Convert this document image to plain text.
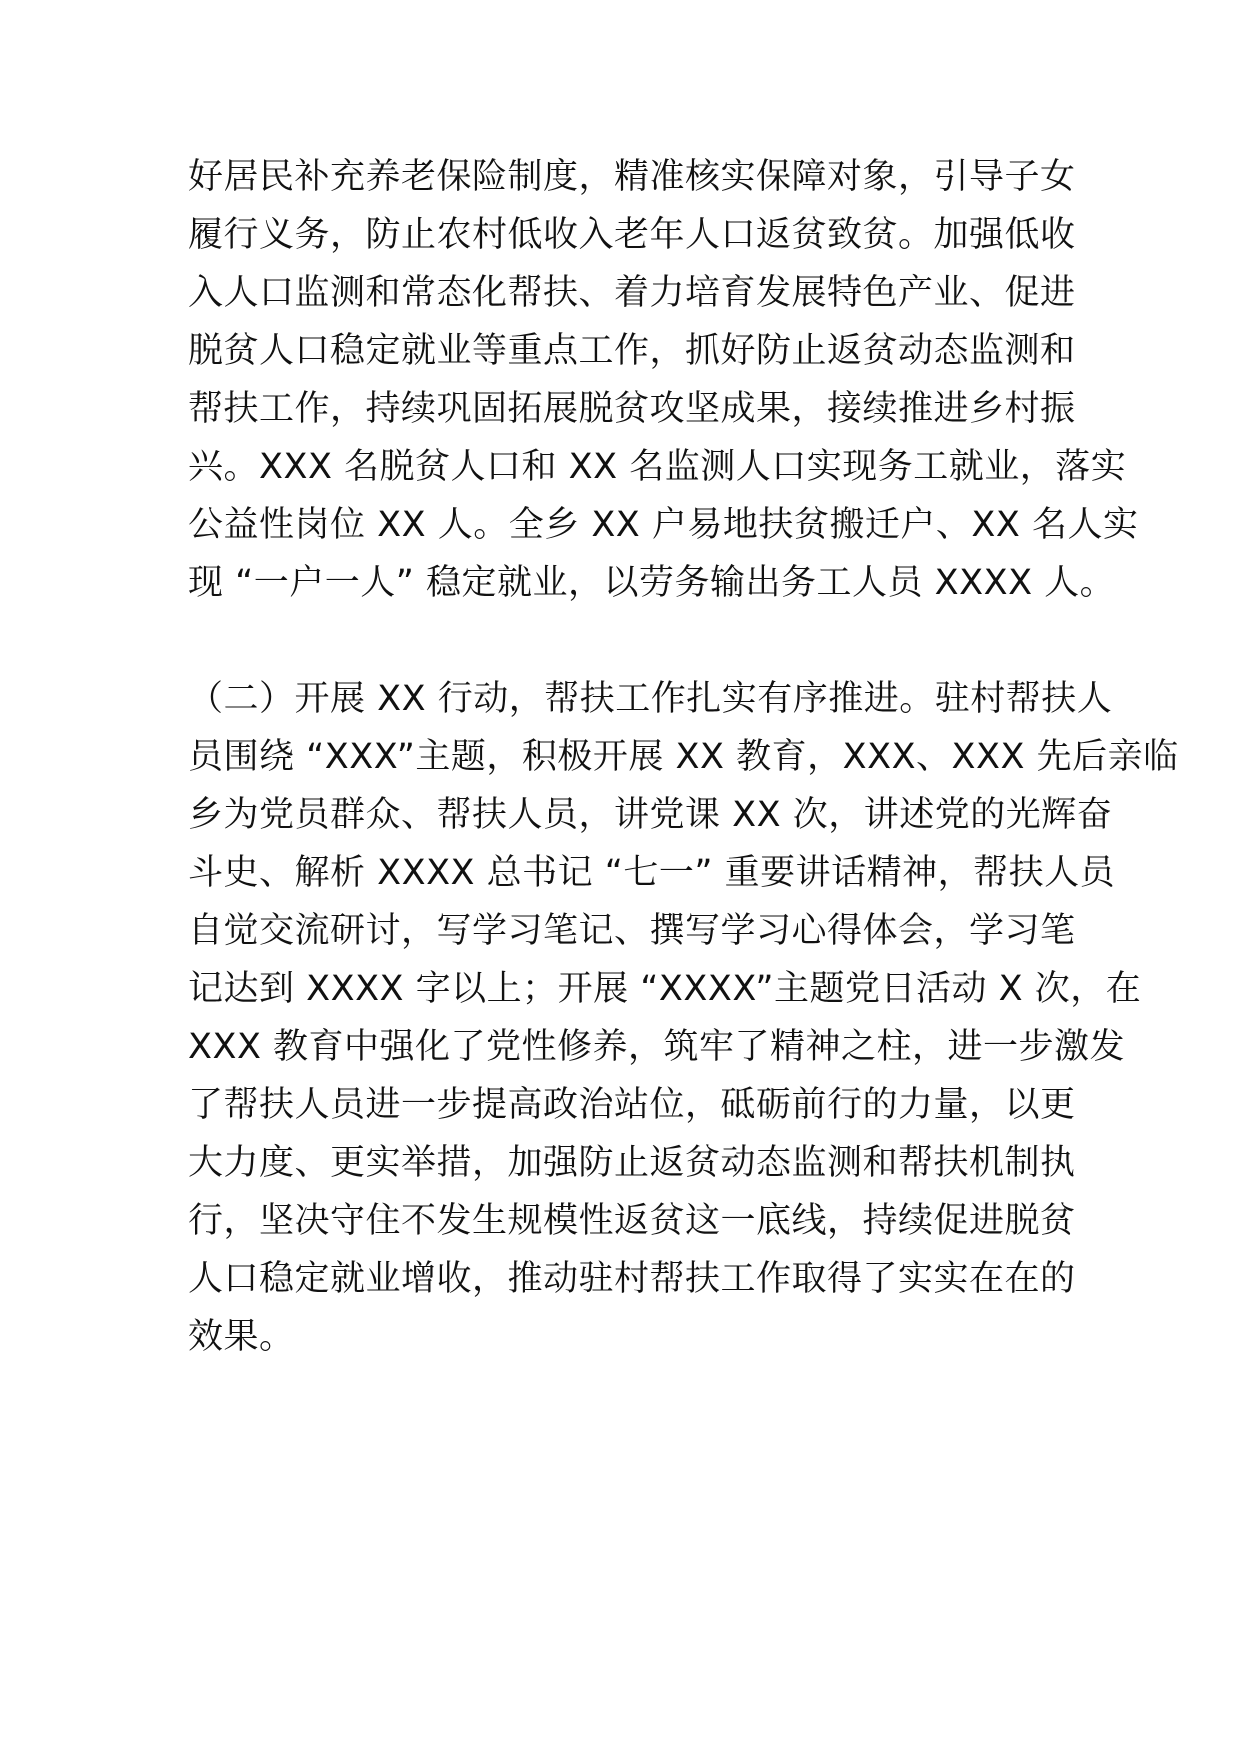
好居民补充养老保险制度，精准核实保障对象，引导子女
履行义务，防止农村低收入老年人口返贫致贫。加强低收
入人口监测和常态化帮扶、着力培育发展特色产业、促进
脱贫人口稳定就业等重点工作，抓好防止返贫动态监测和
帮扶工作，持续巩固拓展脱贫攻坚成果，接续推进乡村振
兴。XXX 名脱贫人口和 XX 名监测人口实现务工就业，落实
公益性岗位 XX 人。全乡 XX 户易地扶贫搬迁户、XX 名人实
现 “一户一人” 稳定就业，以劳务输出务工人员 XXXX 人。
（二）开展 XX 行动，帮扶工作扎实有序推进。驻村帮扶人
员围绕 “XXX”主题，积极开展 XX 教育，XXX、XXX 先后亲临
乡为党员群众、帮扶人员，讲党课 XX 次，讲述党的光辉奋
斗史、解析 XXXX 总书记 “七一” 重要讲话精神，帮扶人员
自觉交流研讨，写学习笔记、撰写学习心得体会，学习笔
记达到 XXXX 字以上；开展 “XXXX”主题党日活动 X 次，在
XXX 教育中强化了党性修养，筑牢了精神之柱，进一步激发
了帮扶人员进一步提高政治站位，砥砺前行的力量，以更
大力度、更实举措，加强防止返贫动态监测和帮扶机制执
行，坚决守住不发生规模性返贫这一底线，持续促进脱贫
人口稳定就业增收，推动驻村帮扶工作取得了实实在在的
效果。
